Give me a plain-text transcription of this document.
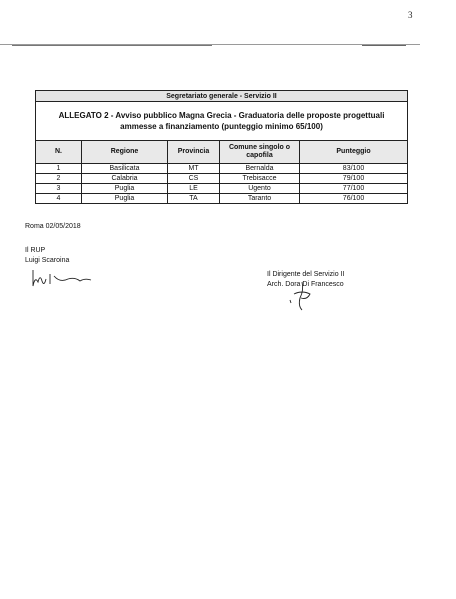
3
Segretariato generale - Servizio II				
ALLEGATO 2 - Avviso pubblico Magna Grecia - Graduatoria delle proposte progettuali ammesse a finanziamento (punteggio minimo 65/100)				
N.	Regione	Provincia	Comune singolo o capofila	Punteggio
1	Basilicata	MT	Bernalda	83/100
2	Calabria	CS	Trebisacce	79/100
3	Puglia	LE	Ugento	77/100
4	Puglia	TA	Taranto	76/100
Roma 02/05/2018
Il RUP
Luigi Scaroina
Il Dirigente del Servizio II
Arch. Dora Di Francesco
